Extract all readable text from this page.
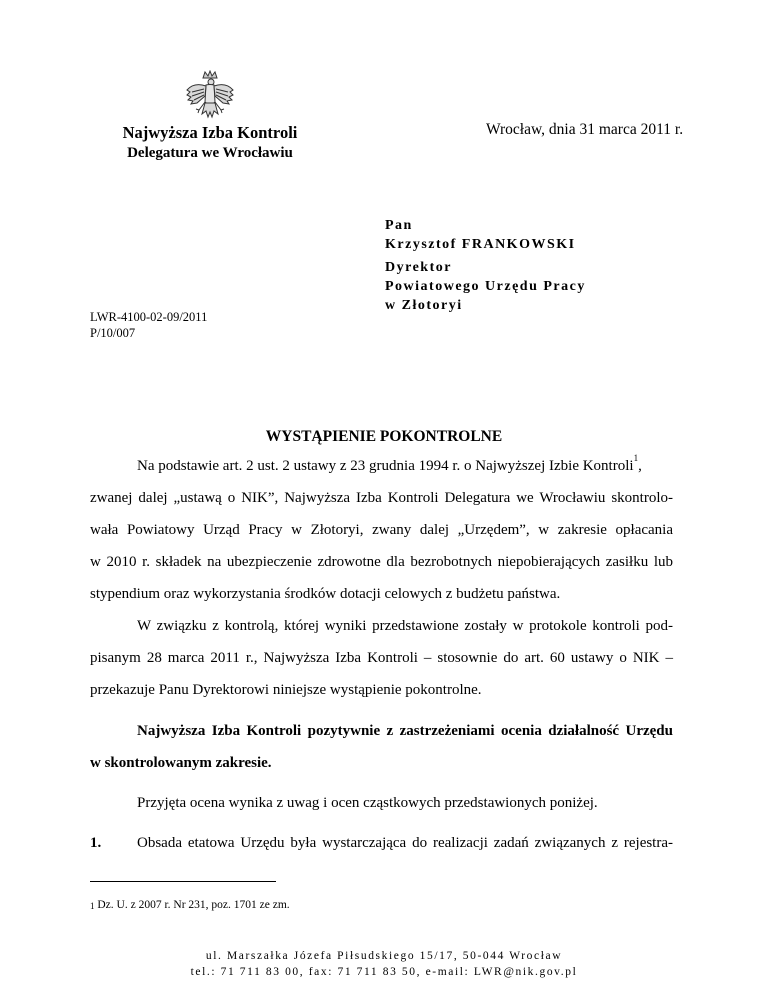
Najwyższa Izba Kontroli
Delegatura we Wrocławiu
Wrocław, dnia 31 marca 2011 r.
Pan
Krzysztof FRANKOWSKI
Dyrektor
Powiatowego Urzędu Pracy
w Złotoryi
LWR-4100-02-09/2011
P/10/007
WYSTĄPIENIE POKONTROLNE
Na podstawie art. 2 ust. 2 ustawy z 23 grudnia 1994 r. o Najwyższej Izbie Kontroli$^1$,
zwanej dalej „ustawą o NIK”, Najwyższa Izba Kontroli Delegatura we Wrocławiu skontrolo-
wała Powiatowy Urząd Pracy w Złotoryi, zwany dalej „Urzędem”, w zakresie opłacania
w 2010 r. składek na ubezpieczenie zdrowotne dla bezrobotnych niepobierających zasiłku lub
stypendium oraz wykorzystania środków dotacji celowych z budżetu państwa.
W związku z kontrolą, której wyniki przedstawione zostały w protokole kontroli pod-
pisanym 28 marca 2011 r., Najwyższa Izba Kontroli – stosownie do art. 60 ustawy o NIK –
przekazuje Panu Dyrektorowi niniejsze wystąpienie pokontrolne.
Najwyższa Izba Kontroli pozytywnie z zastrzeżeniami ocenia działalność Urzędu
w skontrolowanym zakresie.
Przyjęta ocena wynika z uwag i ocen cząstkowych przedstawionych poniżej.
1. Obsada etatowa Urzędu była wystarczająca do realizacji zadań związanych z rejestra-
$^1$ Dz. U. z 2007 r. Nr 231, poz. 1701 ze zm.
ul. Marszałka Józefa Piłsudskiego 15/17, 50-044 Wrocław
tel.: 71 711 83 00, fax: 71 711 83 50, e-mail: LWR@nik.gov.pl
